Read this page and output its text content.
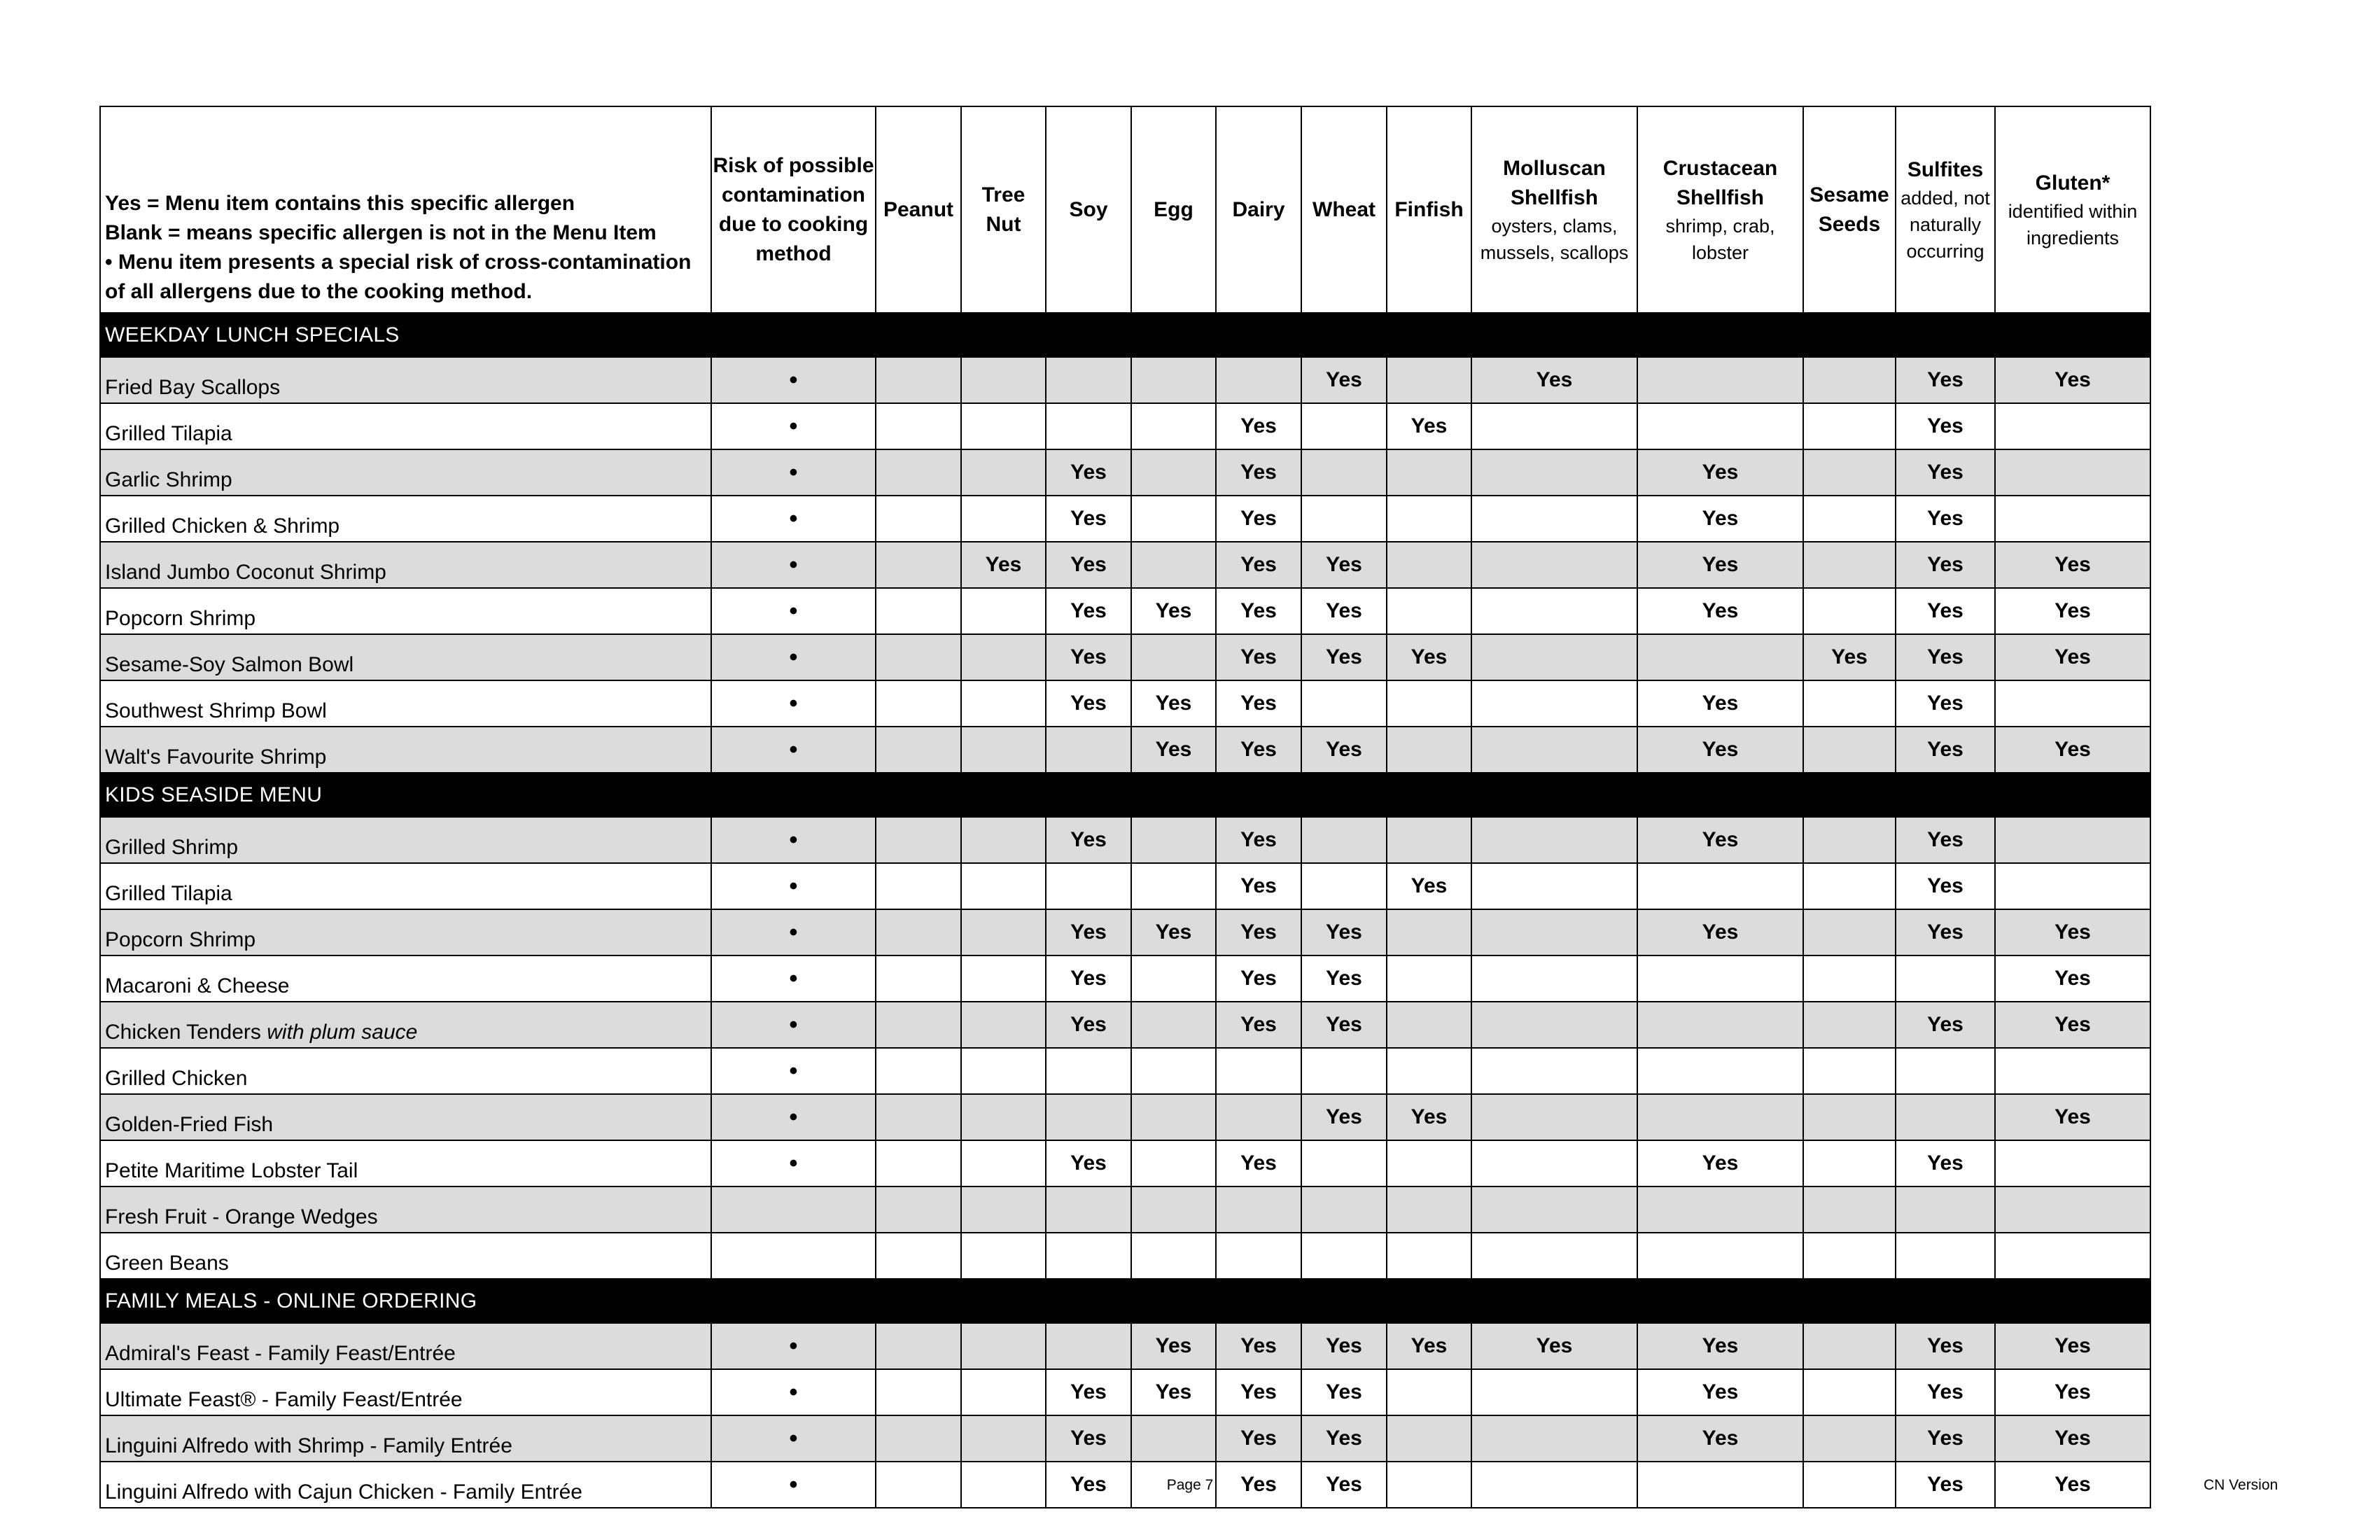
Yes = Menu item contains this specific allergen
Blank = means specific allergen is not in the Menu Item
• Menu item presents a special risk of cross-contamination
of all allergens due to the cooking method.	Risk of possible contamination due to cooking method	Peanut	Tree Nut	Soy	Egg	Dairy	Wheat	Finfish	Molluscan Shellfish
oysters, clams, mussels, scallops	Crustacean Shellfish
shrimp, crab, lobster	Sesame Seeds	Sulfites
added, not naturally occurring	Gluten*
identified within ingredients

WEEKDAY LUNCH SPECIALS													
Fried Bay Scallops	•						Yes		Yes			Yes	Yes
Grilled Tilapia	•					Yes		Yes				Yes	
Garlic Shrimp	•			Yes		Yes				Yes		Yes	
Grilled Chicken & Shrimp	•			Yes		Yes				Yes		Yes	
Island Jumbo Coconut Shrimp	•		Yes	Yes		Yes	Yes			Yes		Yes	Yes
Popcorn Shrimp	•			Yes	Yes	Yes	Yes			Yes		Yes	Yes
Sesame-Soy Salmon Bowl	•			Yes		Yes	Yes	Yes			Yes	Yes	Yes
Southwest Shrimp Bowl	•			Yes	Yes	Yes				Yes		Yes	
Walt's Favourite Shrimp	•				Yes	Yes	Yes			Yes		Yes	Yes
KIDS SEASIDE MENU													
Grilled Shrimp	•			Yes		Yes				Yes		Yes	
Grilled Tilapia	•					Yes		Yes				Yes	
Popcorn Shrimp	•			Yes	Yes	Yes	Yes			Yes		Yes	Yes
Macaroni & Cheese	•			Yes		Yes	Yes						Yes
Chicken Tenders with plum sauce	•			Yes		Yes	Yes					Yes	Yes
Grilled Chicken	•												
Golden-Fried Fish	•						Yes	Yes					Yes
Petite Maritime Lobster Tail	•			Yes		Yes				Yes		Yes	
Fresh Fruit - Orange Wedges													
Green Beans													
FAMILY MEALS - ONLINE ORDERING													
Admiral's Feast - Family Feast/Entrée	•				Yes	Yes	Yes	Yes	Yes	Yes		Yes	Yes
Ultimate Feast® - Family Feast/Entrée	•			Yes	Yes	Yes	Yes			Yes		Yes	Yes
Linguini Alfredo with Shrimp - Family Entrée	•			Yes		Yes	Yes			Yes		Yes	Yes
Linguini Alfredo with Cajun Chicken - Family Entrée	•			Yes		Yes	Yes					Yes	Yes
Page 7	CN Version
